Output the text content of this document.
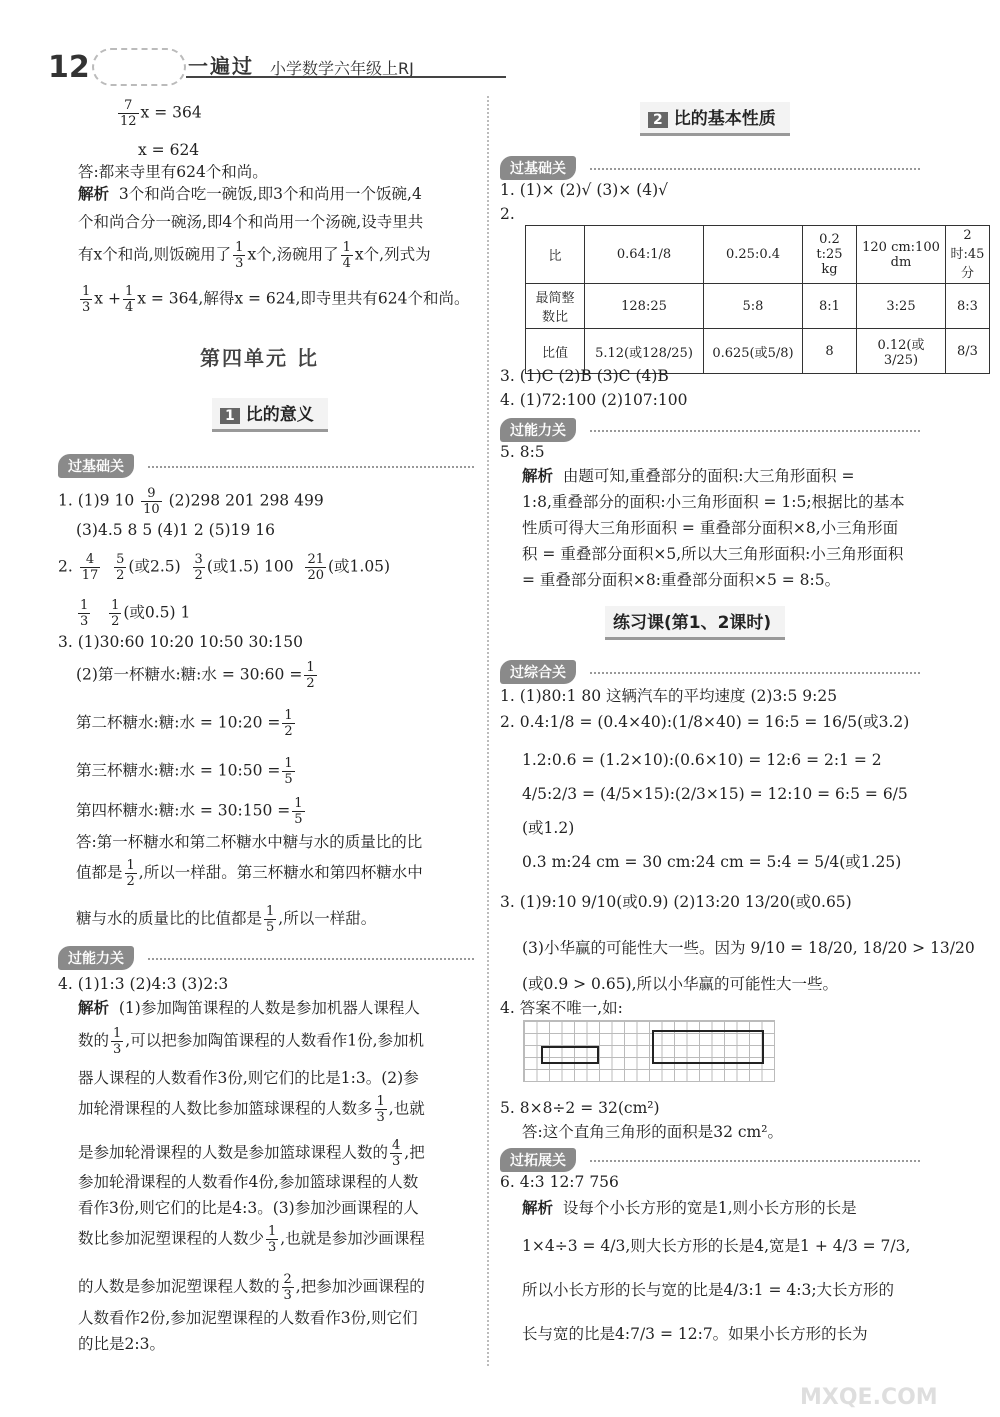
12	一遍过 小学数学六年级上RJ
$\frac{7}{12}$ x = 364
x = 624
答:都来寺里有624个和尚。
解析 3个和尚合吃一碗饭,即3个和尚用一个饭碗,4
个和尚合分一碗汤,即4个和尚用一个汤碗,设寺里共
有x个和尚,则饭碗用了 $\frac{1}{3}$ x个,汤碗用了 $\frac{1}{4}$ x个,列式为
$\frac{1}{3}$ $x + \frac{1}{4}$ x = 364,解得x = 624,即寺里共有624个和尚。
第四单元 比
1 比的意义
过基础关
1. (1)9 $10 \frac{9}{10} (2)298$ 201 298 499
(3)4.5 8 5 (4)1 2 (5)19 16
2. $\frac{4}{17}$
$\frac{5}{2}$ (或$2.5) \frac{3}{2}$ (或1.5) $100 \frac{21}{20}$ (或1.05)
$\frac{1}{3}$
$\frac{1}{2}$ (或0.5) 1
3. (1)30:60 10:20 10:50 30:150
(2)第一杯糖水:糖:水 = 30:60 = $\frac{1}{2}$
第二杯糖水:糖:水 = 10:20 = $\frac{1}{2}$
第三杯糖水:糖:水 = 10:50 = $\frac{1}{5}$
第四杯糖水:糖:水 = 30:150 = $\frac{1}{5}$
答:第一杯糖水和第二杯糖水中糖与水的质量比的比
值都是 $\frac{1}{2}$ ,所以一样甜。第三杯糖水和第四杯糖水中
糖与水的质量比的比值都是 $\frac{1}{5}$ ,所以一样甜。
过能力关
4. (1)1:3 (2)4:3 (3)2:3
解析 (1)参加陶笛课程的人数是参加机器人课程人
数的 $\frac{1}{3}$ ,可以把参加陶笛课程的人数看作1份,参加机
器人课程的人数看作3份,则它们的比是1:3。(2)参
加轮滑课程的人数比参加篮球课程的人数多 $\frac{1}{3}$ ,也就
是参加轮滑课程的人数是参加篮球课程人数的 $\frac{4}{3}$ ,把
参加轮滑课程的人数看作4份,参加篮球课程的人数
看作3份,则它们的比是4:3。(3)参加沙画课程的人
数比参加泥塑课程的人数少 $\frac{1}{3}$ ,也就是参加沙画课程
的人数是参加泥塑课程人数的 $\frac{2}{3}$ ,把参加沙画课程的
人数看作2份,参加泥塑课程的人数看作3份,则它们
的比是2:3。
2 比的基本性质
过基础关
1. (1)× (2)√ (3)× (4)√
2.
比	0.64:1/8	0.25:0.4	0.2 t:25 kg	120 cm:100 dm	2时:45分
最简整数比	128:25	5:8	8:1	3:25	8:3
比值	5.12(或128/25)	0.625(或5/8)	8	0.12(或3/25)	8/3
3. (1)C (2)B (3)C (4)B
4. (1)72:100 (2)107:100
过能力关
5. 8:5
解析 由题可知,重叠部分的面积:大三角形面积 =
1:8,重叠部分的面积:小三角形面积 = 1:5;根据比的基本
性质可得大三角形面积 = 重叠部分面积×8,小三角形面
积 = 重叠部分面积×5,所以大三角形面积:小三角形面积
= 重叠部分面积×8:重叠部分面积×5 = 8:5。
练习课(第1、2课时)
过综合关
1. (1)80:1 80 这辆汽车的平均速度 (2)3:5 9:25
2. 0.4:1/8 = (0.4×40):(1/8×40) = 16:5 = 16/5(或3.2)
1.2:0.6 = (1.2×10):(0.6×10) = 12:6 = 2:1 = 2
4/5:2/3 = (4/5×15):(2/3×15) = 12:10 = 6:5 = 6/5
(或1.2)
0.3 m:24 cm = 30 cm:24 cm = 5:4 = 5/4(或1.25)
3. (1)9:10 9/10(或0.9) (2)13:20 13/20(或0.65)
(3)小华赢的可能性大一些。因为 9/10 = 18/20, 18/20 > 13/20
(或0.9 > 0.65),所以小华赢的可能性大一些。
4. 答案不唯一,如:
5. 8×8÷2 = 32(cm²)
答:这个直角三角形的面积是32 cm²。
过拓展关
6. 4:3 12:7 756
解析 设每个小长方形的宽是1,则小长方形的长是
1×4÷3 = 4/3,则大长方形的长是4,宽是1 + 4/3 = 7/3,
所以小长方形的长与宽的比是4/3:1 = 4:3;大长方形的
长与宽的比是4:7/3 = 12:7。如果小长方形的长为
MXQE.COM
